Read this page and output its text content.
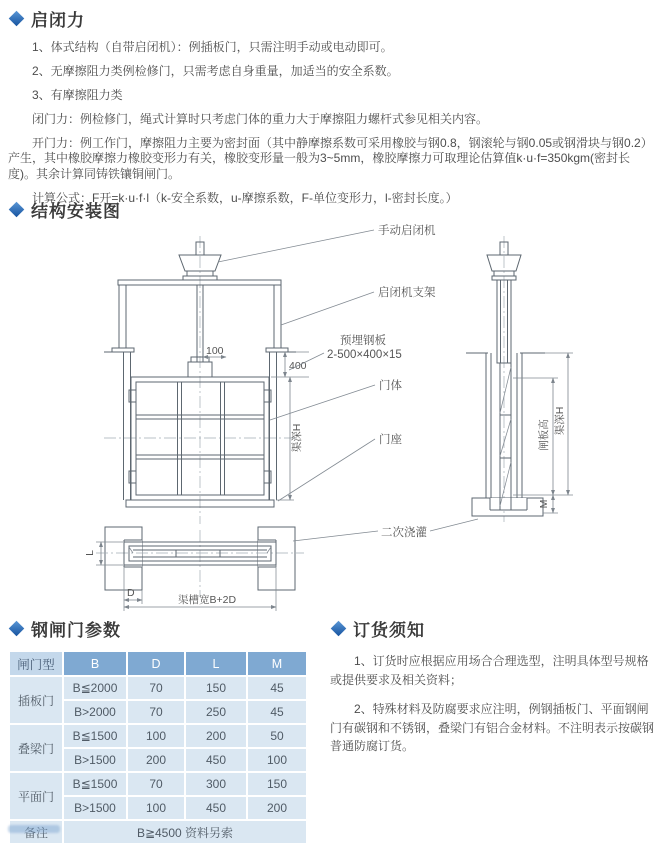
启闭力

1、体式结构（自带启闭机）：例插板门，只需注明手动或电动即可。

2、无摩擦阻力类例检修门，只需考虑自身重量，加适当的安全系数。

3、有摩擦阻力类

闭门力：例检修门，绳式计算时只考虑门体的重力大于摩擦阻力螺杆式参见相关内容。

开门力：例工作门，摩擦阻力主要为密封面（其中静摩擦系数可采用橡胶与钢0.8，钢滚轮与钢0.05或钢滑块与钢0.2）产生，其中橡胶摩擦力橡胶变形力有关，橡胶变形量一般为3~5mm，橡胶摩擦力可取理论估算值k·u·f=350kgm(密封长度)。其余计算同铸铁镶铜闸门。

计算公式：F开=k·u·f·l（k-安全系数，u-摩擦系数，F-单位变形力，l-密封长度。）

结构安装图
100
400
渠深H	闸板高 渠深H
M
L
D
渠槽宽B+2D
手动启闭机
启闭机支架
预埋钢板
2-500×400×15
门体
门座
二次浇灌
钢闸门参数
闸门型	B	D	L	M
插板门	B≦2000	70	150	45
	B>2000	70	250	45
叠梁门	B≦1500	100	200	50
	B>1500	200	450	100
平面门	B≦1500	70	300	150
	B>1500	100	450	200
备注	B≧4500 资料另索			
订货须知

1、订货时应根据应用场合合理选型，注明具体型号规格或提供要求及相关资料；

2、特殊材料及防腐要求应注明，例钢插板门、平面钢闸门有碳钢和不锈钢，叠梁门有铝合金材料。不注明表示按碳钢普通防腐订货。
